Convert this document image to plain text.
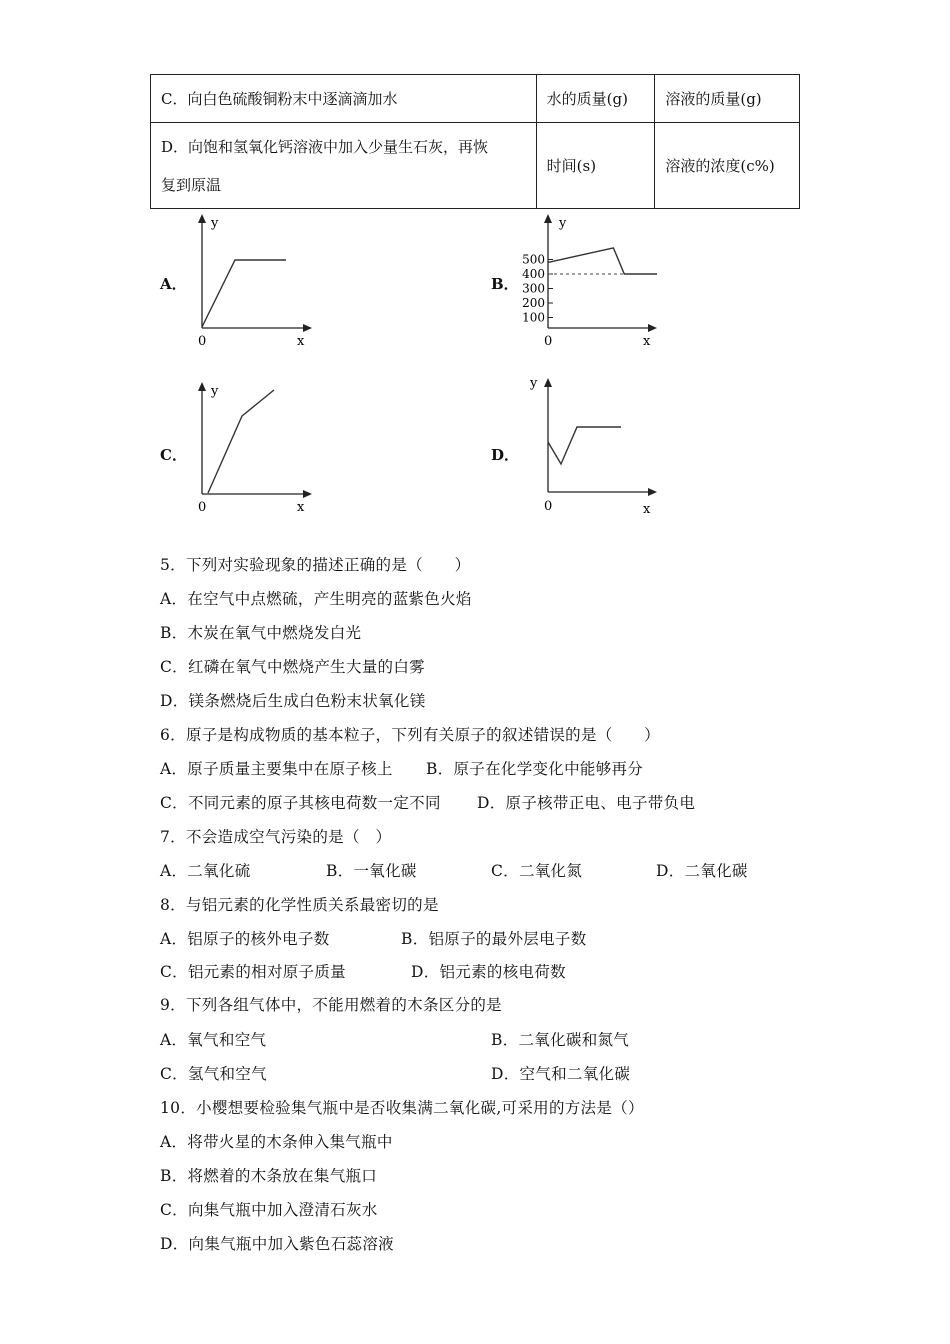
C．向白色硫酸铜粉末中逐滴滴加水	水的质量(g)	溶液的质量(g)
D．向饱和氢氧化钙溶液中加入少量生石灰，再恢
复到原温	时间(s)	溶液的浓度(c%)
A．
y
x
0
B．
500
400
300
200
100
y
x
0
C．
y
x
0
D．
y
x
0
5．下列对实验现象的描述正确的是（　　）
A．在空气中点燃硫，产生明亮的蓝紫色火焰
B．木炭在氧气中燃烧发白光
C．红磷在氧气中燃烧产生大量的白雾
D．镁条燃烧后生成白色粉末状氧化镁
6．原子是构成物质的基本粒子，下列有关原子的叙述错误的是（　　）
A．原子质量主要集中在原子核上 B．原子在化学变化中能够再分
C．不同元素的原子其核电荷数一定不同 D．原子核带正电、电子带负电
7．不会造成空气污染的是（　）
A．二氧化硫	B．一氧化碳	C．二氧化氮	D．二氧化碳
8．与铝元素的化学性质关系最密切的是
A．铝原子的核外电子数	B．铝原子的最外层电子数
C．铝元素的相对原子质量	D．铝元素的核电荷数
9．下列各组气体中，不能用燃着的木条区分的是
A．氧气和空气	B．二氧化碳和氮气
C．氢气和空气	D．空气和二氧化碳
10．小樱想要检验集气瓶中是否收集满二氧化碳,可采用的方法是（）
A．将带火星的木条伸入集气瓶中
B．将燃着的木条放在集气瓶口
C．向集气瓶中加入澄清石灰水
D．向集气瓶中加入紫色石蕊溶液
